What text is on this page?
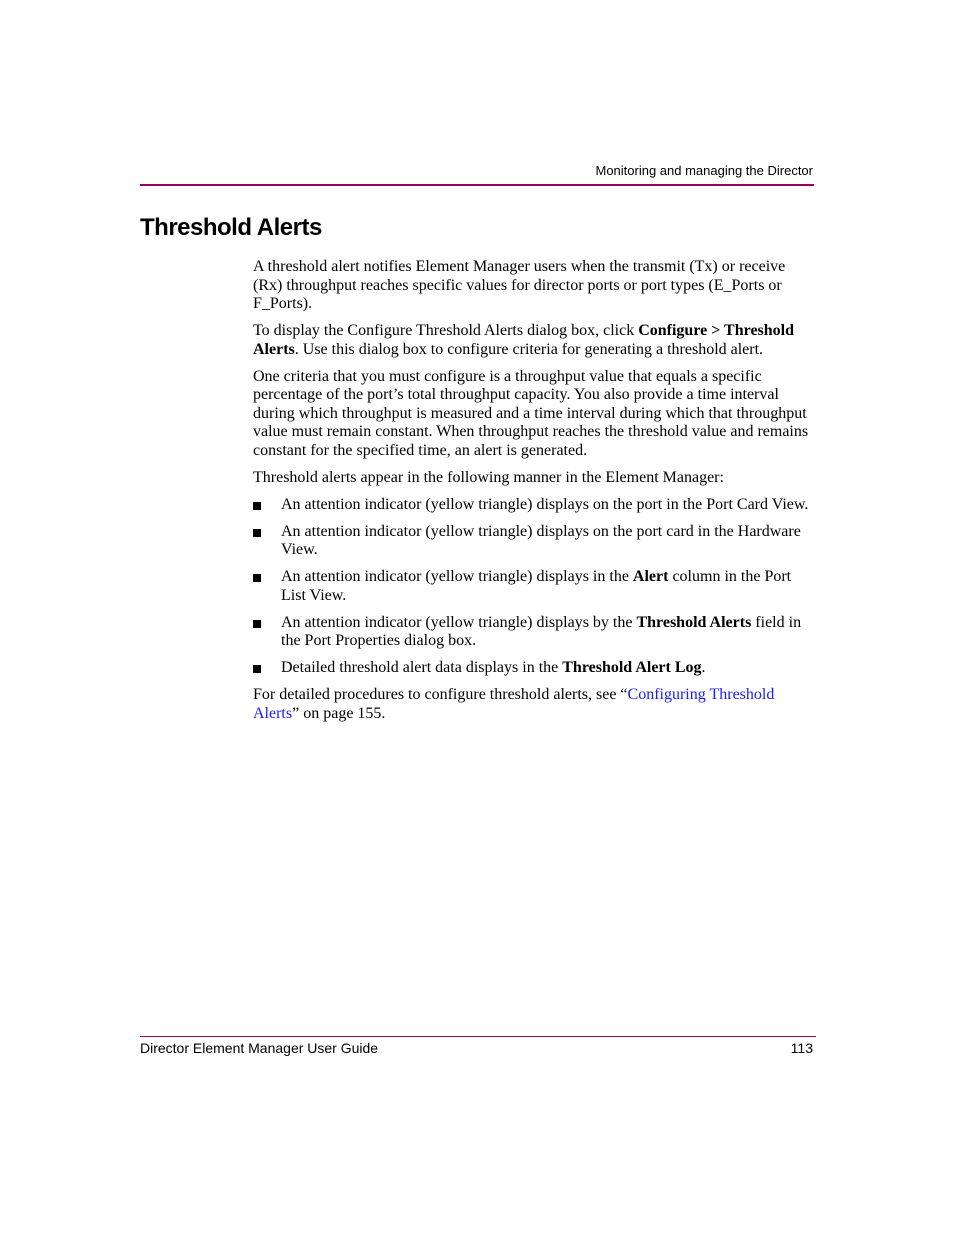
Monitoring and managing the Director
Threshold Alerts

A threshold alert notifies Element Manager users when the transmit (Tx) or receive (Rx) throughput reaches specific values for director ports or port types (E_Ports or F_Ports).

To display the Configure Threshold Alerts dialog box, click Configure > Threshold Alerts. Use this dialog box to configure criteria for generating a threshold alert.

One criteria that you must configure is a throughput value that equals a specific percentage of the port’s total throughput capacity. You also provide a time interval during which throughput is measured and a time interval during which that throughput value must remain constant. When throughput reaches the threshold value and remains constant for the specified time, an alert is generated.

Threshold alerts appear in the following manner in the Element Manager:

An attention indicator (yellow triangle) displays on the port in the Port Card View.
An attention indicator (yellow triangle) displays on the port card in the Hardware View.
An attention indicator (yellow triangle) displays in the Alert column in the Port List View.
An attention indicator (yellow triangle) displays by the Threshold Alerts field in the Port Properties dialog box.
Detailed threshold alert data displays in the Threshold Alert Log.

For detailed procedures to configure threshold alerts, see “Configuring Threshold Alerts” on page 155.

Director Element Manager User Guide	113
